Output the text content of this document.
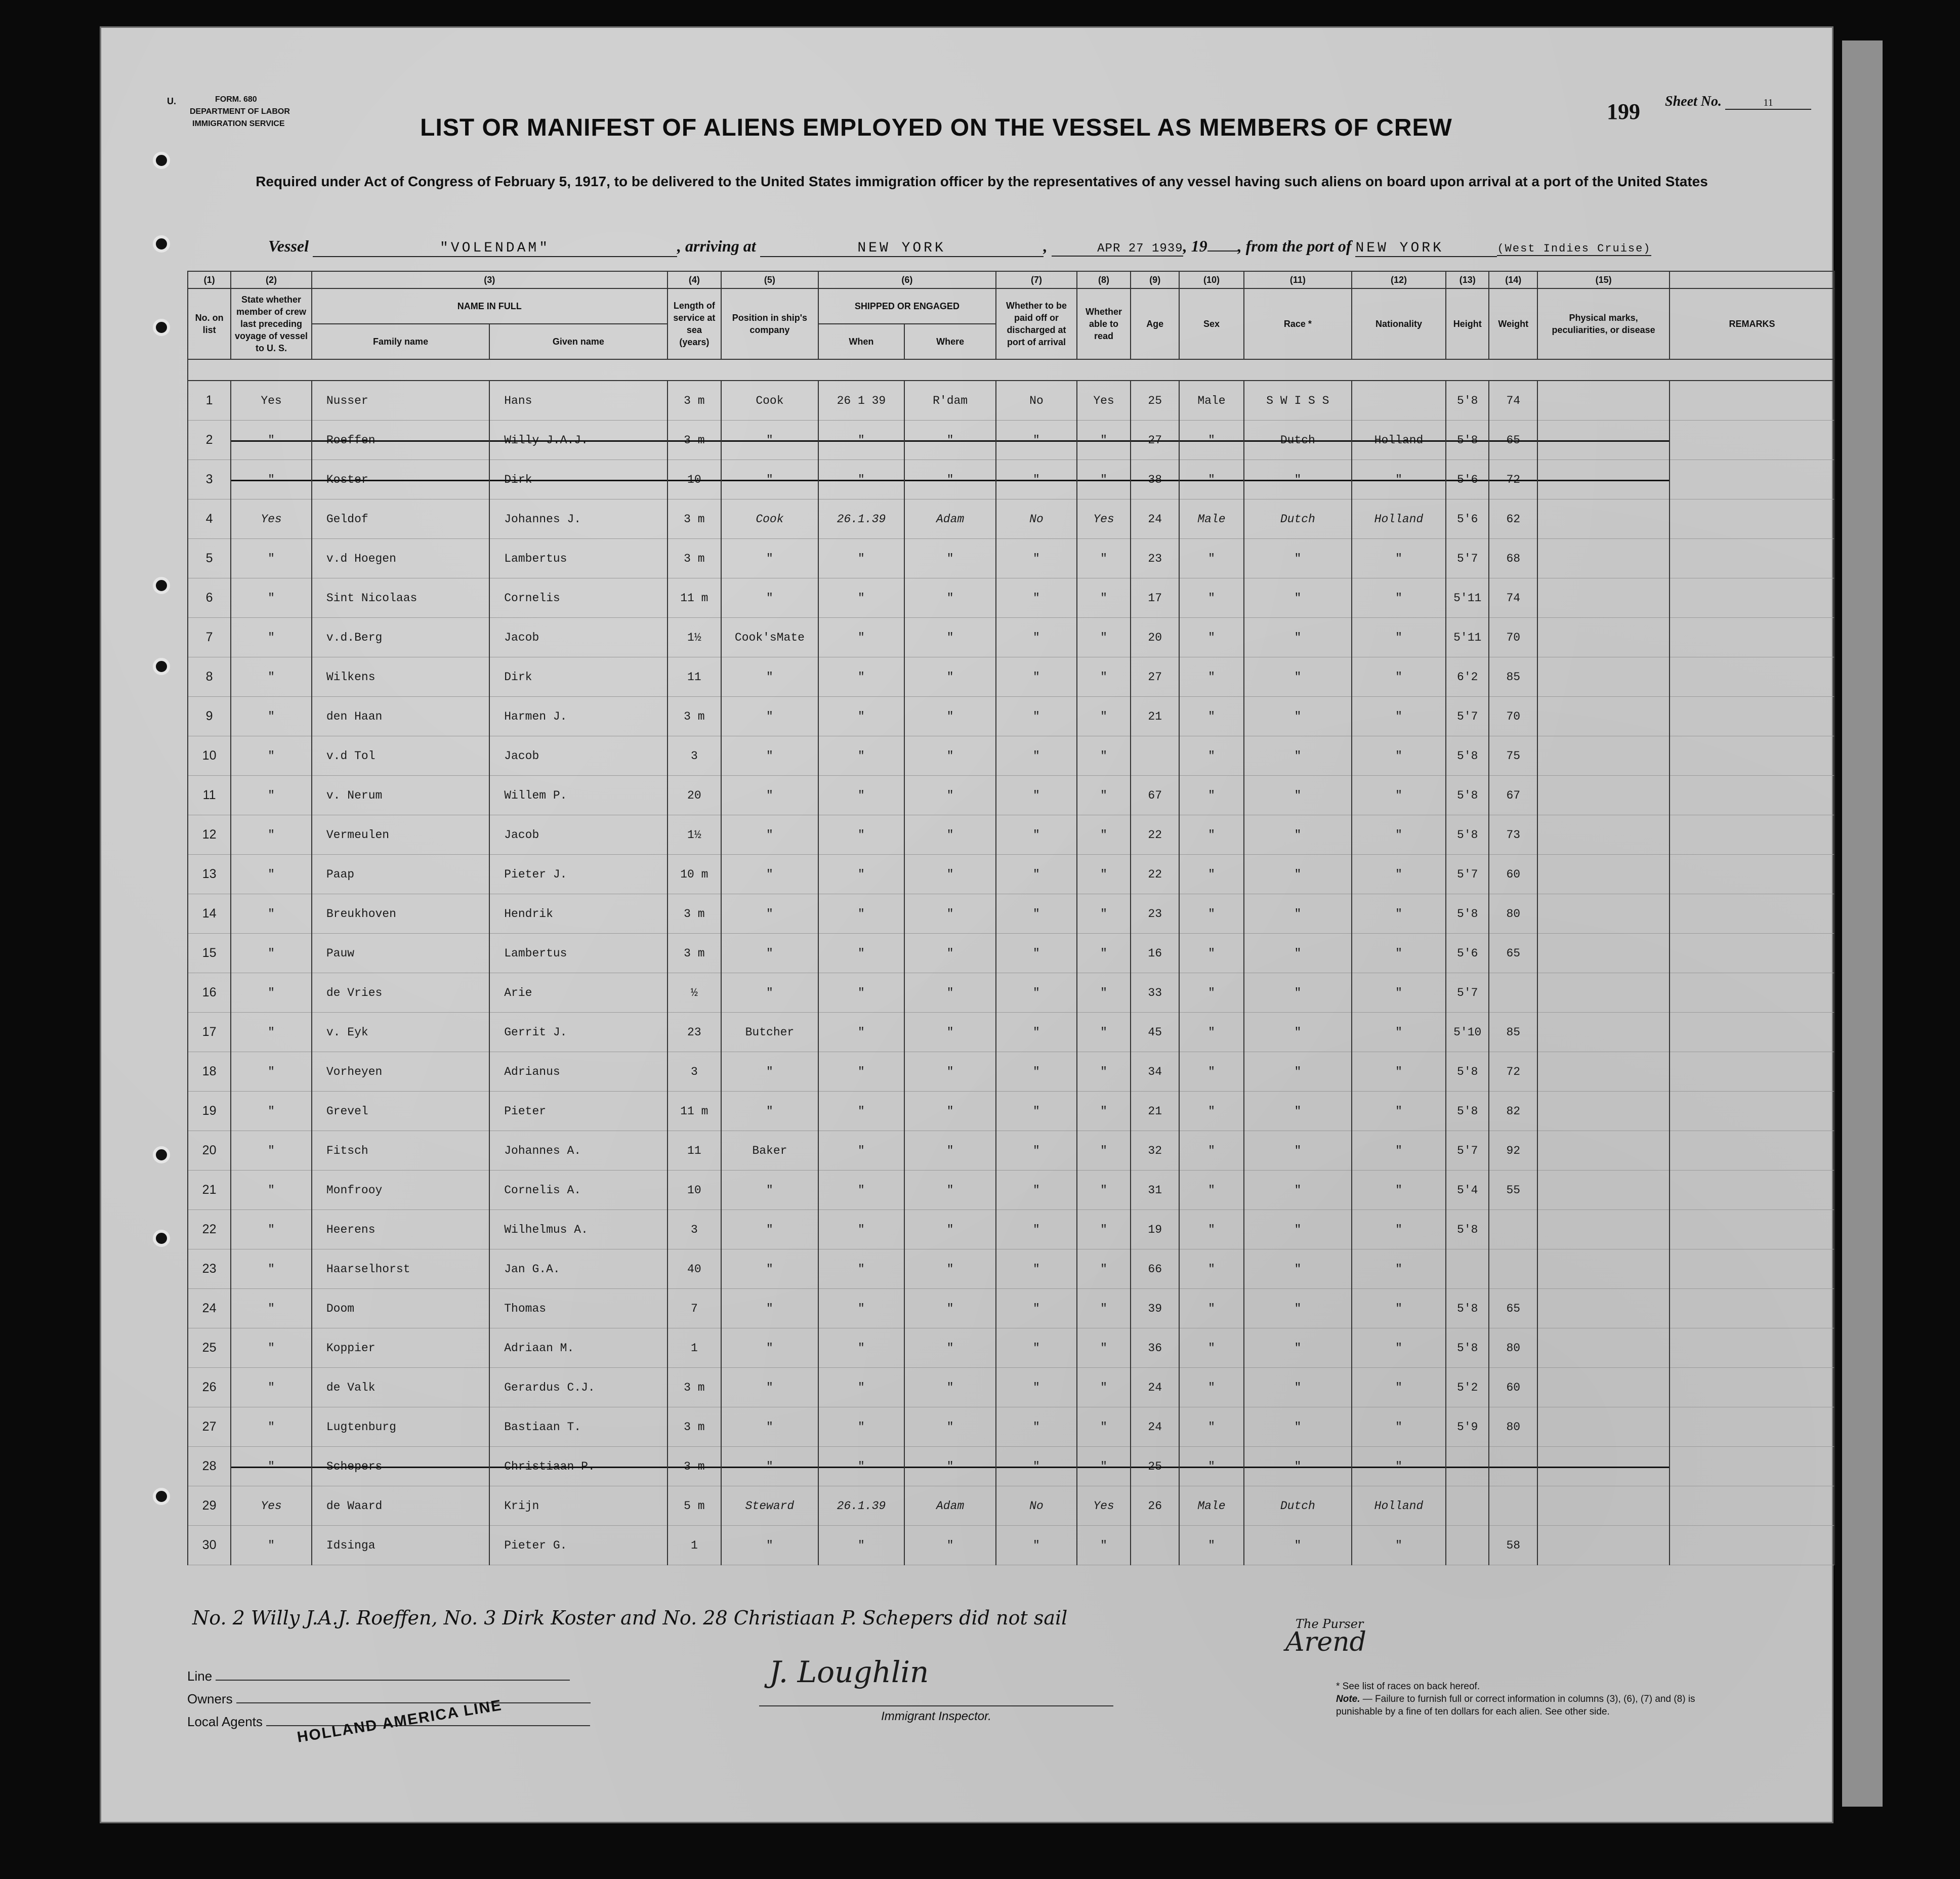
U.	FORM. 680
DEPARTMENT OF LABOR
IMMIGRATION SERVICE	LIST OR MANIFEST OF ALIENS EMPLOYED ON THE VESSEL AS MEMBERS OF CREW
199 Sheet No.	11
Required under Act of Congress of February 5, 1917, to be delivered to the United States immigration officer by the representatives of any vessel having such aliens on board upon arrival at a port of the United States
Vessel	"VOLENDAM"	, arriving at	NEW YORK	,	APR 27 1939, 19 , from the port of NEW YORK	(West Indies Cruise)
(1)	(2)	(3)		(4)	(5)	(6)		(7)	(8)	(9)	(10)	(11)	(12)	(13)	(14)	(15)	
No. on list	State whether member of crew last preceding voyage of vessel to U. S.	NAME IN FULL		Length of service at sea (years)	Position in ship's company	SHIPPED OR ENGAGED		Whether to be paid off or discharged at port of arrival	Whether able to read	Age	Sex	Race *	Nationality	Height	Weight	Physical marks, peculiarities, or disease	REMARKS
		Family name	Given name			When	Where										

1	Yes	Nusser	Hans	3 m	Cook	26 1 39	R'dam	No	Yes	25	Male	S W I S S		5'8	74		
2	"	Roeffen	Willy J.A.J.	3 m	"	"	"	"	"	27	"	Dutch	Holland	5'8	65		
3	"	Koster	Dirk	10	"	"	"	"	"	38	"	"	"	5'6	72		
4	Yes	Geldof	Johannes J.	3 m	Cook	26.1.39	Adam	No	Yes	24	Male	Dutch	Holland	5'6	62		
5	"	v.d Hoegen	Lambertus	3 m	"	"	"	"	"	23	"	"	"	5'7	68		
6	"	Sint Nicolaas	Cornelis	11 m	"	"	"	"	"	17	"	"	"	5'11	74		
7	"	v.d.Berg	Jacob	1½	Cook'sMate	"	"	"	"	20	"	"	"	5'11	70		
8	"	Wilkens	Dirk	11	"	"	"	"	"	27	"	"	"	6'2	85		
9	"	den Haan	Harmen J.	3 m	"	"	"	"	"	21	"	"	"	5'7	70		
10	"	v.d Tol	Jacob	3	"	"	"	"	"		"	"	"	5'8	75		
11	"	v. Nerum	Willem P.	20	"	"	"	"	"	67	"	"	"	5'8	67		
12	"	Vermeulen	Jacob	1½	"	"	"	"	"	22	"	"	"	5'8	73		
13	"	Paap	Pieter J.	10 m	"	"	"	"	"	22	"	"	"	5'7	60		
14	"	Breukhoven	Hendrik	3 m	"	"	"	"	"	23	"	"	"	5'8	80		
15	"	Pauw	Lambertus	3 m	"	"	"	"	"	16	"	"	"	5'6	65		
16	"	de Vries	Arie	½	"	"	"	"	"	33	"	"	"	5'7			
17	"	v. Eyk	Gerrit J.	23	Butcher	"	"	"	"	45	"	"	"	5'10	85		
18	"	Vorheyen	Adrianus	3	"	"	"	"	"	34	"	"	"	5'8	72		
19	"	Grevel	Pieter	11 m	"	"	"	"	"	21	"	"	"	5'8	82		
20	"	Fitsch	Johannes A.	11	Baker	"	"	"	"	32	"	"	"	5'7	92		
21	"	Monfrooy	Cornelis A.	10	"	"	"	"	"	31	"	"	"	5'4	55		
22	"	Heerens	Wilhelmus A.	3	"	"	"	"	"	19	"	"	"	5'8			
23	"	Haarselhorst	Jan G.A.	40	"	"	"	"	"	66	"	"	"				
24	"	Doom	Thomas	7	"	"	"	"	"	39	"	"	"	5'8	65		
25	"	Koppier	Adriaan M.	1	"	"	"	"	"	36	"	"	"	5'8	80		
26	"	de Valk	Gerardus C.J.	3 m	"	"	"	"	"	24	"	"	"	5'2	60		
27	"	Lugtenburg	Bastiaan T.	3 m	"	"	"	"	"	24	"	"	"	5'9	80		
28	"	Schepers	Christiaan P.	3 m	"	"	"	"	"	25	"	"	"				
29	Yes	de Waard	Krijn	5 m	Steward	26.1.39	Adam	No	Yes	26	Male	Dutch	Holland				
30	"	Idsinga	Pieter G.	1	"	"	"	"	"		"	"	"		58		
No. 2 Willy J.A.J. Roeffen, No. 3 Dirk Koster and No. 28 Christiaan P. Schepers did not sail
Line
Owners
Local Agents	HOLLAND AMERICA LINE
J. Loughlin
Immigrant Inspector.
The Purser
Arend
* See list of races on back hereof.
Note. — Failure to furnish full or correct information in columns (3), (6), (7) and (8) is punishable by a fine of ten dollars for each alien. See other side.
